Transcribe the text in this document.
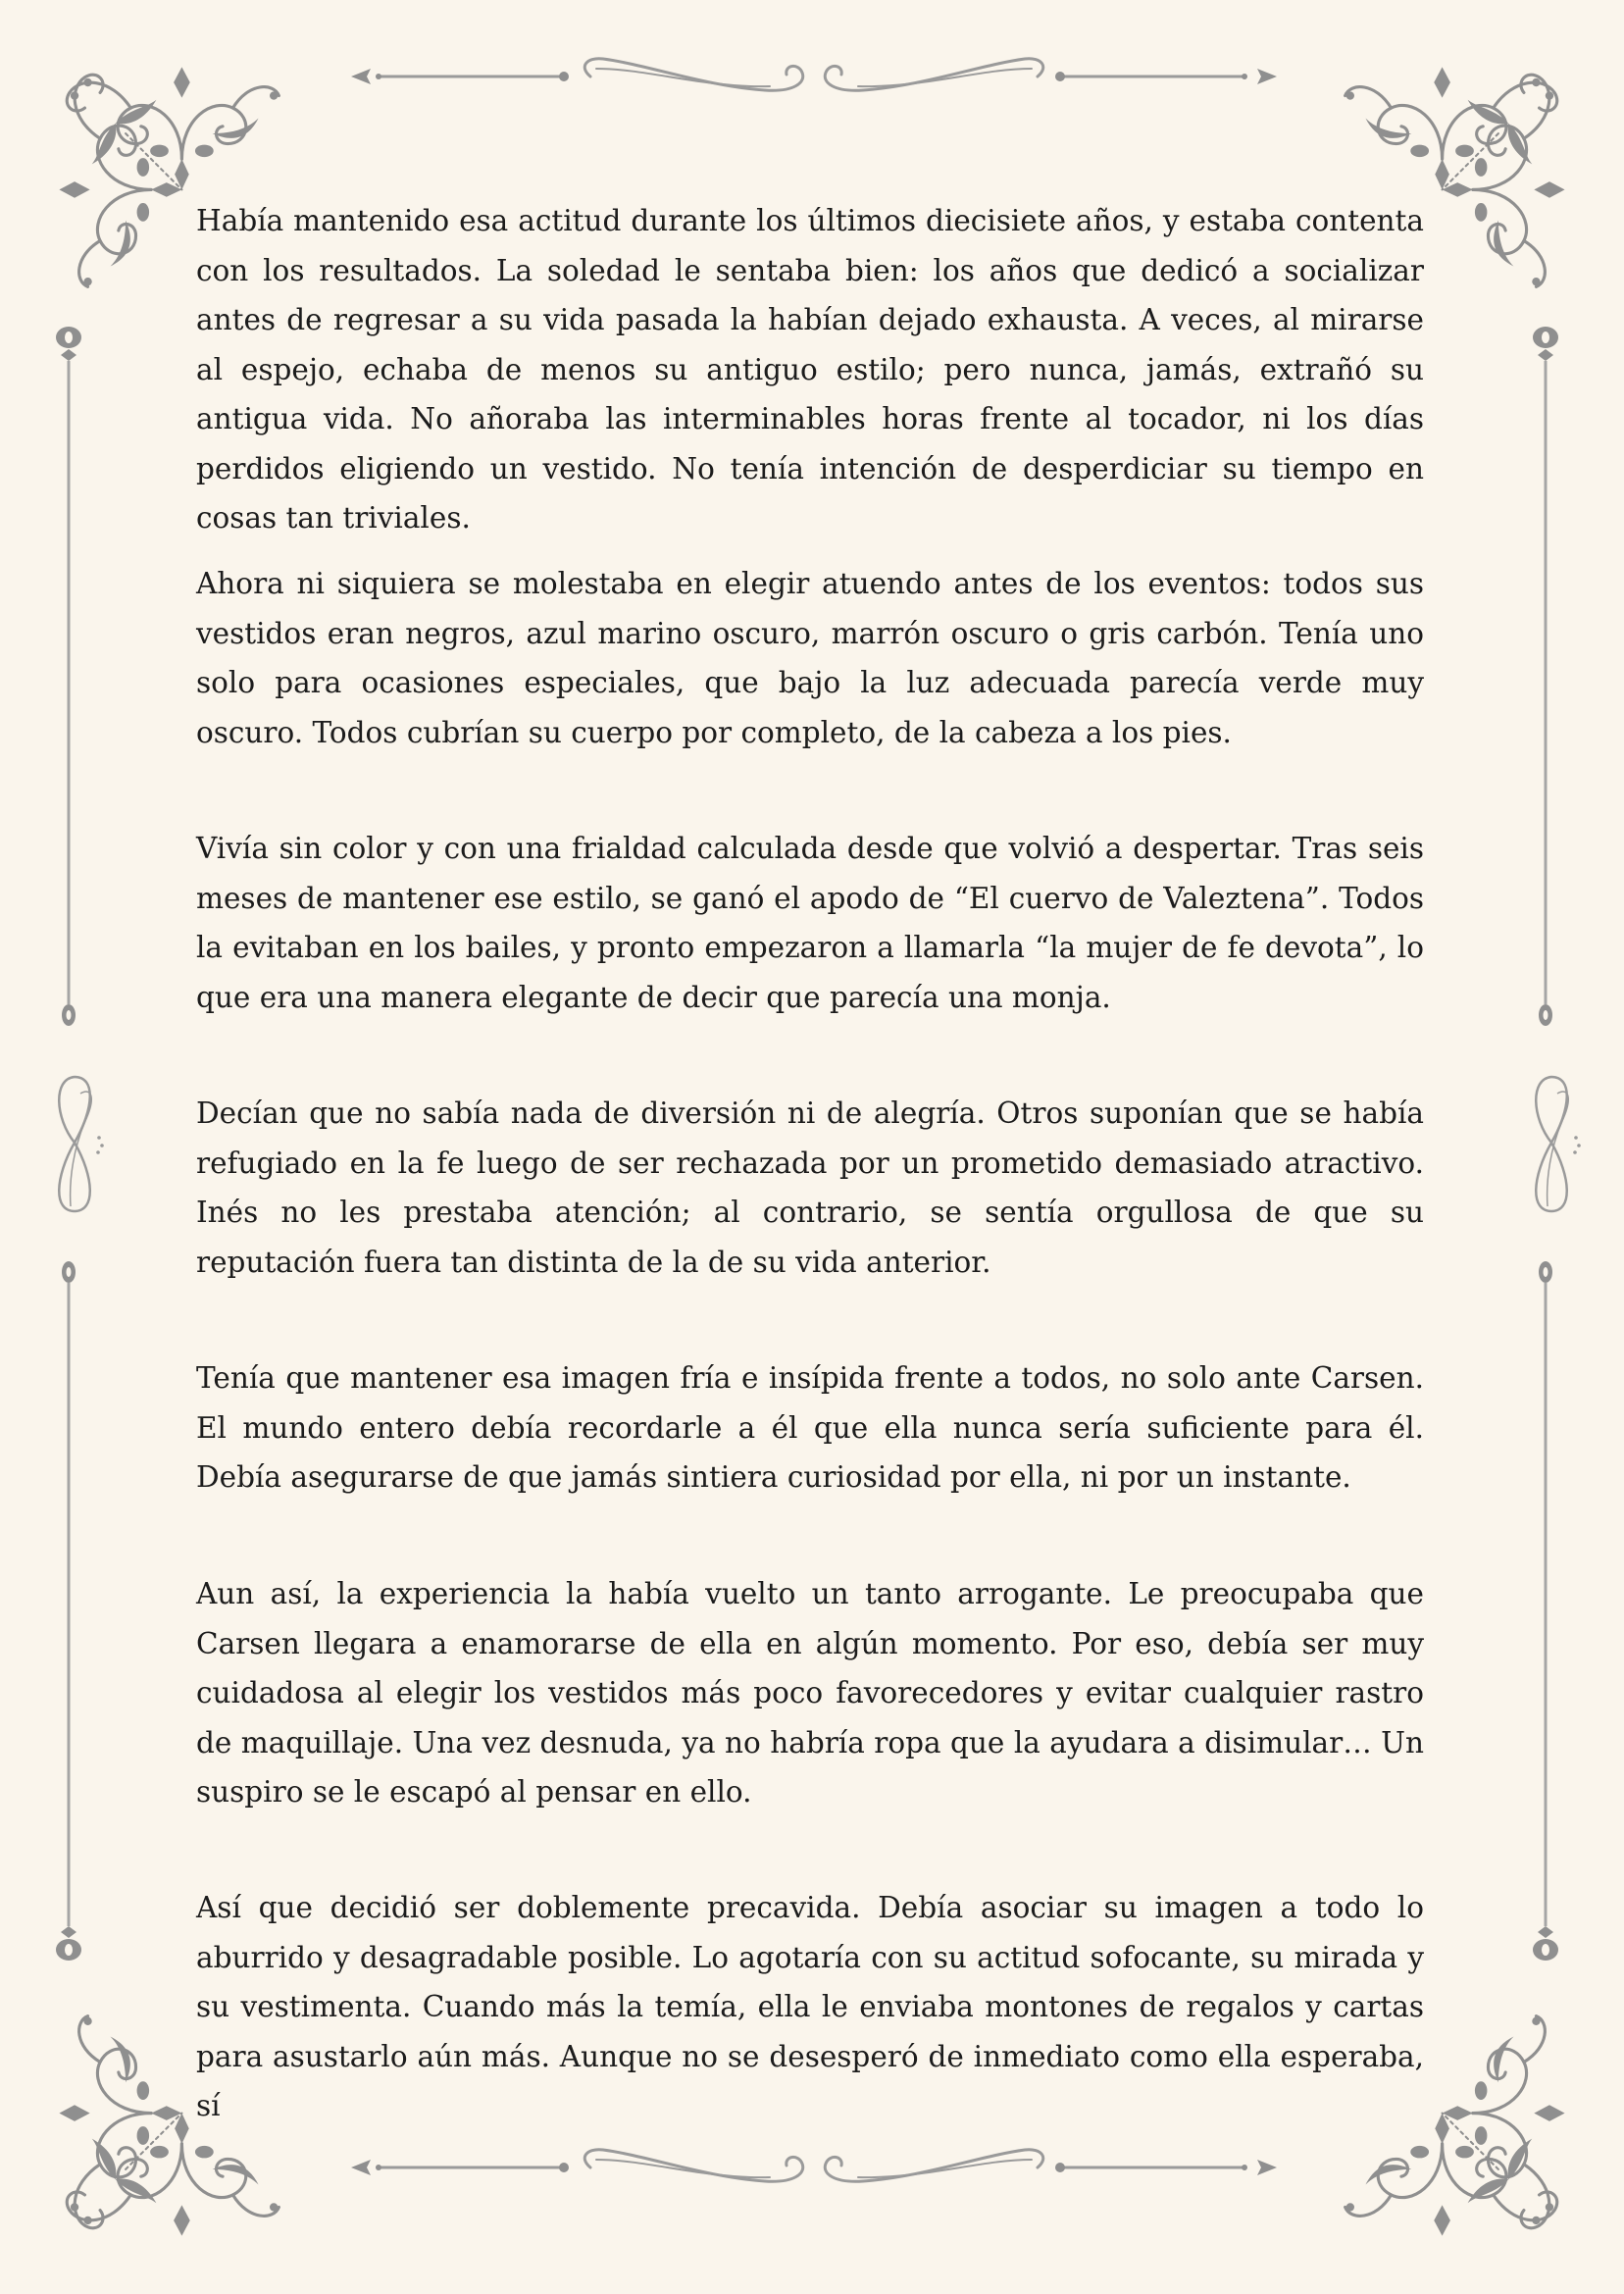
Había mantenido esa actitud durante los últimos diecisiete años, y estaba contenta con los resultados. La soledad le sentaba bien: los años que dedicó a socializar antes de regresar a su vida pasada la habían dejado exhausta. A veces, al mirarse al espejo, echaba de menos su antiguo estilo; pero nunca, jamás, extrañó su antigua vida. No añoraba las interminables horas frente al tocador, ni los días perdidos eligiendo un vestido. No tenía intención de desperdiciar su tiempo en cosas tan triviales.

Ahora ni siquiera se molestaba en elegir atuendo antes de los eventos: todos sus vestidos eran negros, azul marino oscuro, marrón oscuro o gris carbón. Tenía uno solo para ocasiones especiales, que bajo la luz adecuada parecía verde muy oscuro. Todos cubrían su cuerpo por completo, de la cabeza a los pies.

Vivía sin color y con una frialdad calculada desde que volvió a despertar. Tras seis meses de mantener ese estilo, se ganó el apodo de “El cuervo de Valeztena”. Todos la evitaban en los bailes, y pronto empezaron a llamarla “la mujer de fe devota”, lo que era una manera elegante de decir que parecía una monja.

Decían que no sabía nada de diversión ni de alegría. Otros suponían que se había refugiado en la fe luego de ser rechazada por un prometido demasiado atractivo. Inés no les prestaba atención; al contrario, se sentía orgullosa de que su reputación fuera tan distinta de la de su vida anterior.

Tenía que mantener esa imagen fría e insípida frente a todos, no solo ante Carsen. El mundo entero debía recordarle a él que ella nunca sería suficiente para él. Debía asegurarse de que jamás sintiera curiosidad por ella, ni por un instante.

Aun así, la experiencia la había vuelto un tanto arrogante. Le preocupaba que Carsen llegara a enamorarse de ella en algún momento. Por eso, debía ser muy cuidadosa al elegir los vestidos más poco favorecedores y evitar cualquier rastro de maquillaje. Una vez desnuda, ya no habría ropa que la ayudara a disimular… Un suspiro se le escapó al pensar en ello.

Así que decidió ser doblemente precavida. Debía asociar su imagen a todo lo aburrido y desagradable posible. Lo agotaría con su actitud sofocante, su mirada y su vestimenta. Cuando más la temía, ella le enviaba montones de regalos y cartas para asustarlo aún más. Aunque no se desesperó de inmediato como ella esperaba, sí
